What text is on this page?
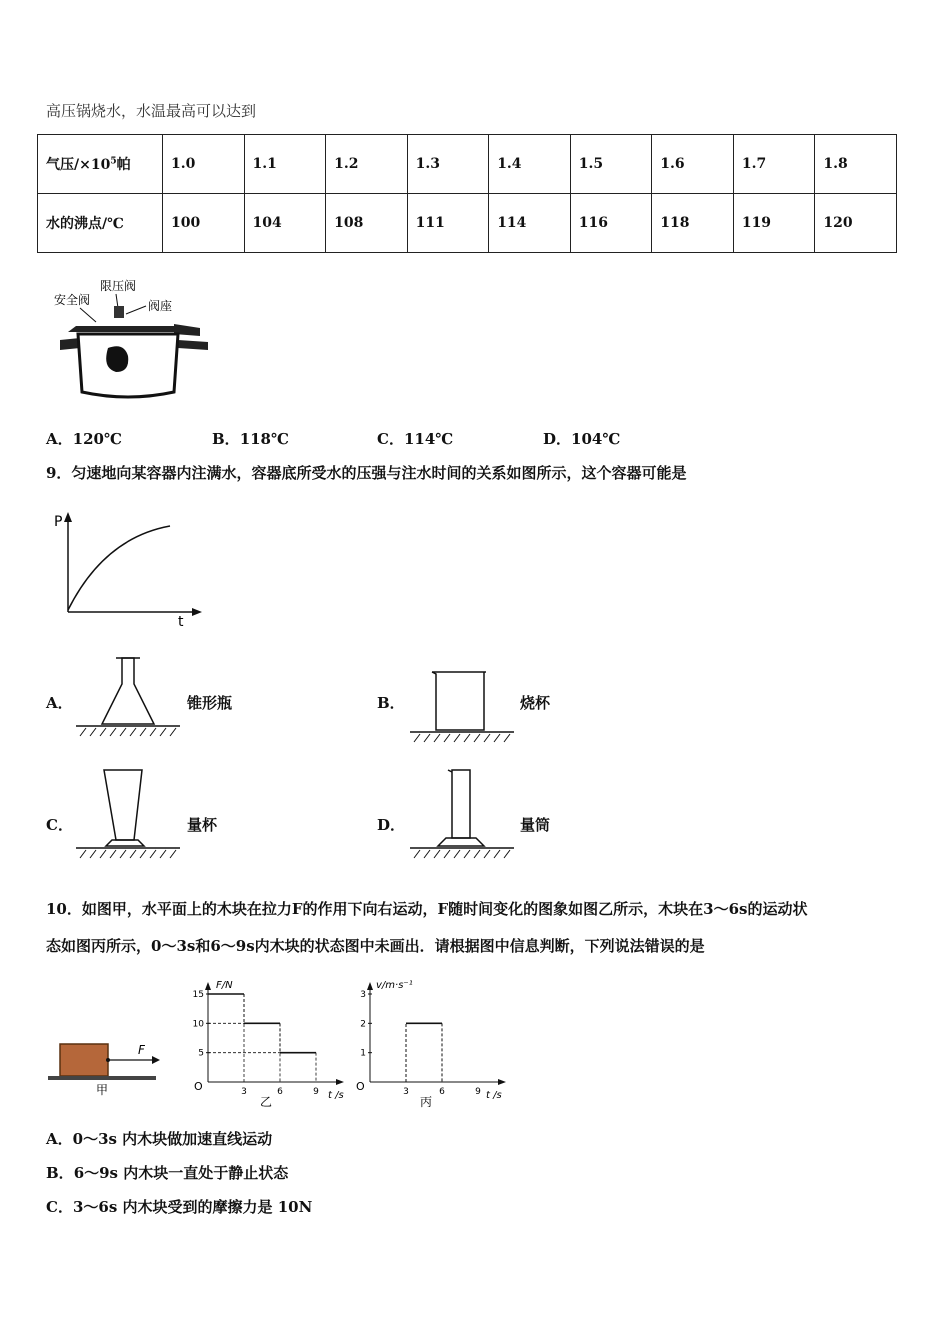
高压锅烧水，水温最高可以达到
气压$/\times 10^5$帕	1.0	1.1	1.2	1.3	1.4	1.5	1.6	1.7	1.8
水的沸点/℃	100	104	108	111	114	116	118	119	120
安全阀
限压阀
阀座
A．120℃	B．118℃	C．114℃	D．104℃
9．匀速地向某容器内注满水，容器底所受水的压强与注水时间的关系如图所示，这个容器可能是
P
t
A．	锥形瓶	B．	烧杯
C．	量杯	D．	量筒
10．如图甲，水平面上的木块在拉力F的作用下向右运动，F随时间变化的图象如图乙所示，木块在3～6s的运动状
态如图丙所示，0～3s和6～9s内木块的状态图中未画出．请根据图中信息判断，下列说法错误的是
F
甲
F/N
t /s
O
乙
15
10
5
3	6	9
v/m·s⁻¹
t /s
O
丙
3
2
1
3	6	9
A．0～3s 内木块做加速直线运动
B．6～9s 内木块一直处于静止状态
C．3～6s 内木块受到的摩擦力是 10N
